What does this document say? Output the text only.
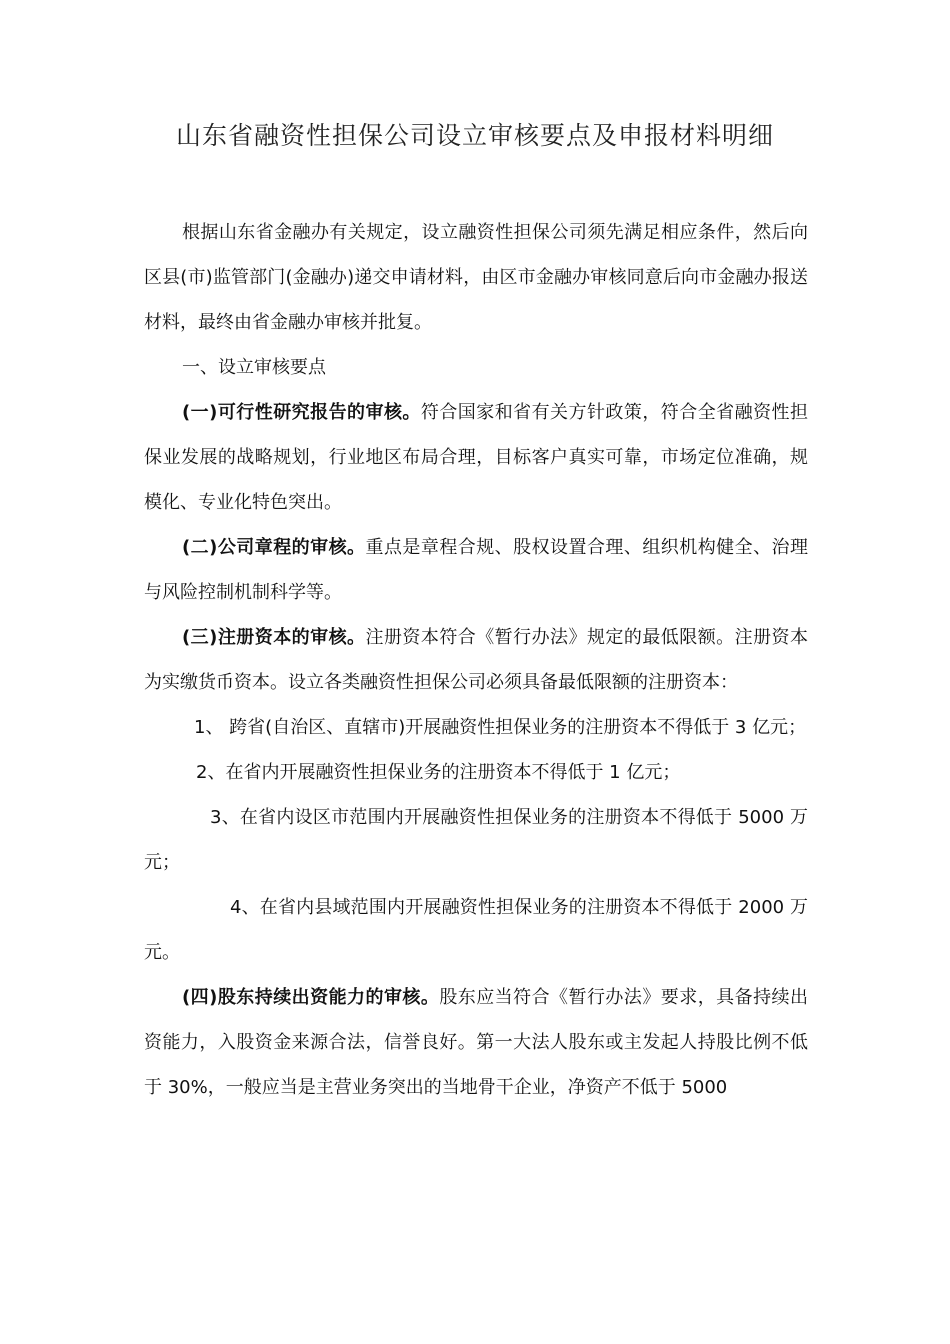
山东省融资性担保公司设立审核要点及申报材料明细

根据山东省金融办有关规定，设立融资性担保公司须先满足相应条件，然后向区县(市)监管部门(金融办)递交申请材料，由区市金融办审核同意后向市金融办报送材料，最终由省金融办审核并批复。

一、设立审核要点

(一)可行性研究报告的审核。符合国家和省有关方针政策，符合全省融资性担保业发展的战略规划，行业地区布局合理，目标客户真实可靠，市场定位准确，规模化、专业化特色突出。

(二)公司章程的审核。重点是章程合规、股权设置合理、组织机构健全、治理与风险控制机制科学等。

(三)注册资本的审核。注册资本符合《暂行办法》规定的最低限额。注册资本为实缴货币资本。设立各类融资性担保公司必须具备最低限额的注册资本：

1、 跨省(自治区、直辖市)开展融资性担保业务的注册资本不得低于 3 亿元；

2、在省内开展融资性担保业务的注册资本不得低于 1 亿元；

3、在省内设区市范围内开展融资性担保业务的注册资本不得低于 5000 万元；

4、在省内县域范围内开展融资性担保业务的注册资本不得低于 2000 万元。

(四)股东持续出资能力的审核。股东应当符合《暂行办法》要求，具备持续出资能力，入股资金来源合法，信誉良好。第一大法人股东或主发起人持股比例不低于 30%，一般应当是主营业务突出的当地骨干企业，净资产不低于 5000
